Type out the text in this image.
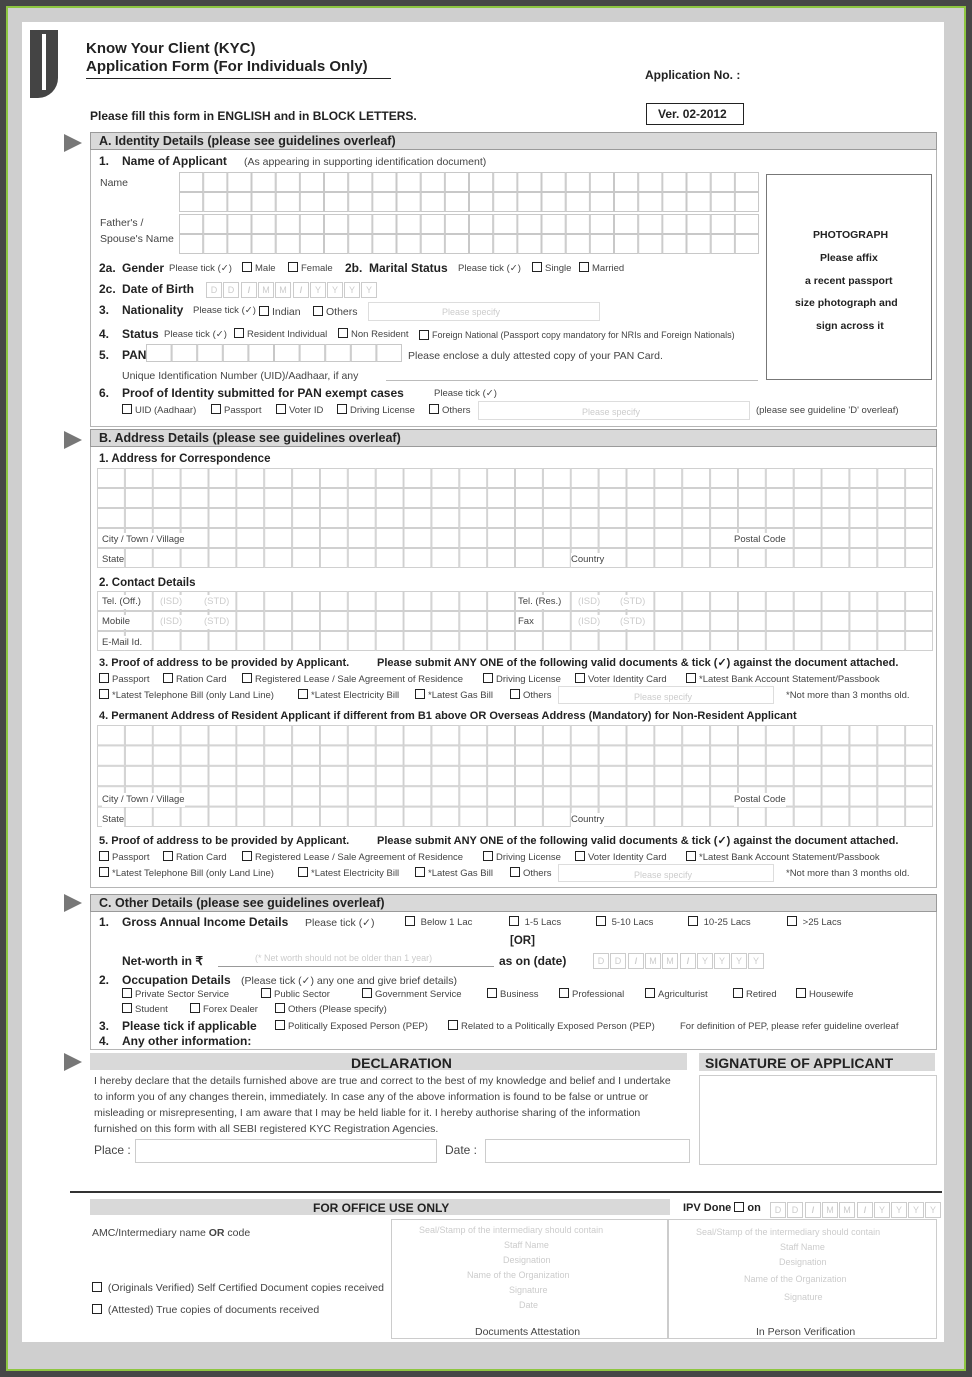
Know Your Client (KYC)
Application Form (For Individuals Only)	Application No. :
Please fill this form in ENGLISH and in BLOCK LETTERS.	Ver. 02-2012
A. Identity Details (please see guidelines overleaf)
1. Name of Applicant (As appearing in supporting identification document)
Name
Father's /
Spouse's Name	PHOTOGRAPH
Please affix
a recent passport
size photograph and
sign across it
2a. Gender Please tick (✓)	Male	Female 2b. Marital Status Please tick (✓)	Single	Married
2c. Date of Birth	D D / M M / Y Y Y Y
3. Nationality Please tick (✓)	Indian	Others	Please specify
4. Status Please tick (✓)	Resident Individual	Non Resident	Foreign National (Passport copy mandatory for NRIs and Foreign Nationals)
5. PAN	Please enclose a duly attested copy of your PAN Card.
Unique Identification Number (UID)/Aadhaar, if any
6. Proof of Identity submitted for PAN exempt cases	Please tick (✓)
UID (Aadhaar)	Passport	Voter ID	Driving License	Others	Please specify	(please see guideline 'D' overleaf)
B. Address Details (please see guidelines overleaf)
1. Address for Correspondence
City / Town / Village	Postal Code
State	Country
2. Contact Details
Tel. (Off.) (ISD) (STD)	Tel. (Res.) (ISD) (STD)
Mobile	(ISD) (STD)	Fax	(ISD) (STD)
E-Mail Id.
3. Proof of address to be provided by Applicant.	Please submit ANY ONE of the following valid documents & tick (✓) against the document attached.
Passport	Ration Card	Registered Lease / Sale Agreement of Residence	Driving License	Voter Identity Card	*Latest Bank Account Statement/Passbook
*Latest Telephone Bill (only Land Line)	*Latest Electricity Bill	*Latest Gas Bill	Others	Please specify	*Not more than 3 months old.
4. Permanent Address of Resident Applicant if different from B1 above OR Overseas Address (Mandatory) for Non-Resident Applicant
City / Town / Village	Postal Code
State	Country
5. Proof of address to be provided by Applicant.	Please submit ANY ONE of the following valid documents & tick (✓) against the document attached.
Passport	Ration Card	Registered Lease / Sale Agreement of Residence	Driving License	Voter Identity Card	*Latest Bank Account Statement/Passbook
*Latest Telephone Bill (only Land Line)	*Latest Electricity Bill	*Latest Gas Bill	Others	Please specify	*Not more than 3 months old.
C. Other Details (please see guidelines overleaf)
1. Gross Annual Income Details Please tick (✓)	Below 1 Lac	1-5 Lacs	5-10 Lacs	10-25 Lacs	>25 Lacs
[OR]
Net-worth in ₹	(* Net worth should not be older than 1 year)	as on (date)	D D / M M / Y Y Y Y
2. Occupation Details (Please tick (✓) any one and give brief details)
Private Sector Service	Public Sector	Government Service	Business	Professional	Agriculturist	Retired	Housewife
Student	Forex Dealer	Others (Please specify)
3. Please tick if applicable	Politically Exposed Person (PEP)	Related to a Politically Exposed Person (PEP)	For definition of PEP, please refer guideline overleaf
4. Any other information:
DECLARATION
I hereby declare that the details furnished above are true and correct to the best of my knowledge and belief and I undertake
to inform you of any changes therein, immediately. In case any of the above information is found to be false or untrue or
misleading or misrepresenting, I am aware that I may be held liable for it. I hereby authorise sharing of the information
furnished on this form with all SEBI registered KYC Registration Agencies.
Place :	Date :
SIGNATURE OF APPLICANT
FOR OFFICE USE ONLY	IPV Done on	D D / M M / Y Y Y Y
AMC/Intermediary name OR code
(Originals Verified) Self Certified Document copies received
(Attested) True copies of documents received
Seal/Stamp of the intermediary should contain
Staff Name
Designation
Name of the Organization
Signature
Date
Documents Attestation
Seal/Stamp of the intermediary should contain
Staff Name
Designation
Name of the Organization
Signature
In Person Verification
